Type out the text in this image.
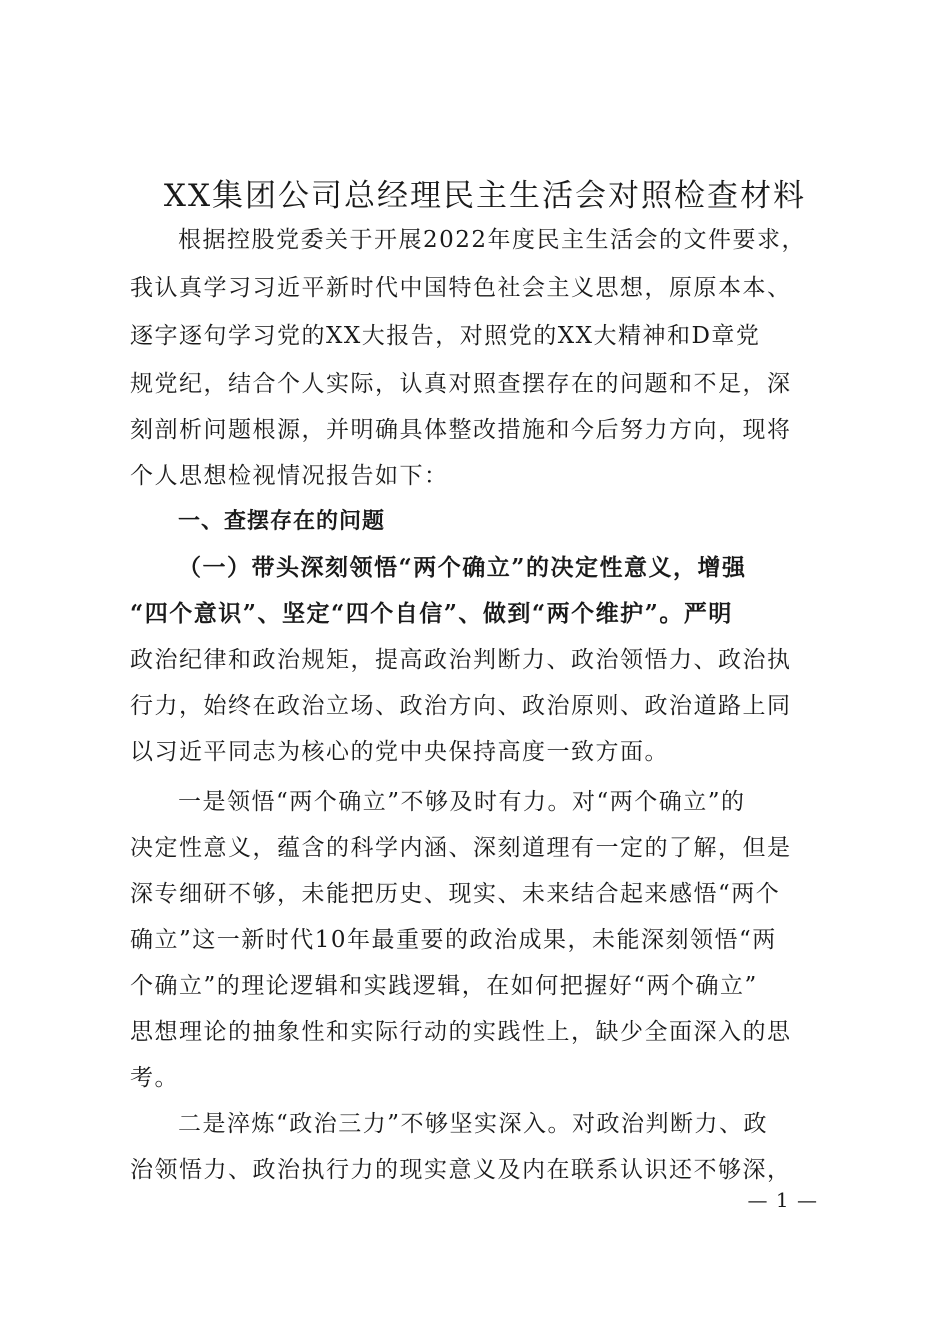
XX集团公司总经理民主生活会对照检查材料
根据控股党委关于开展2022年度民主生活会的文件要求，
我认真学习习近平新时代中国特色社会主义思想，原原本本、
逐字逐句学习党的XX大报告，对照党的XX大精神和D章党
规党纪，结合个人实际，认真对照查摆存在的问题和不足，深
刻剖析问题根源，并明确具体整改措施和今后努力方向，现将
个人思想检视情况报告如下：
一、查摆存在的问题
（一）带头深刻领悟“两个确立”的决定性意义，增强
“四个意识”、坚定“四个自信”、做到“两个维护”。严明
政治纪律和政治规矩，提高政治判断力、政治领悟力、政治执
行力，始终在政治立场、政治方向、政治原则、政治道路上同
以习近平同志为核心的党中央保持高度一致方面。
一是领悟“两个确立”不够及时有力。对“两个确立”的
决定性意义，蕴含的科学内涵、深刻道理有一定的了解，但是
深专细研不够，未能把历史、现实、未来结合起来感悟“两个
确立”这一新时代10年最重要的政治成果，未能深刻领悟“两
个确立”的理论逻辑和实践逻辑，在如何把握好“两个确立”
思想理论的抽象性和实际行动的实践性上，缺少全面深入的思
考。
二是淬炼“政治三力”不够坚实深入。对政治判断力、政
治领悟力、政治执行力的现实意义及内在联系认识还不够深，
— 1 —
